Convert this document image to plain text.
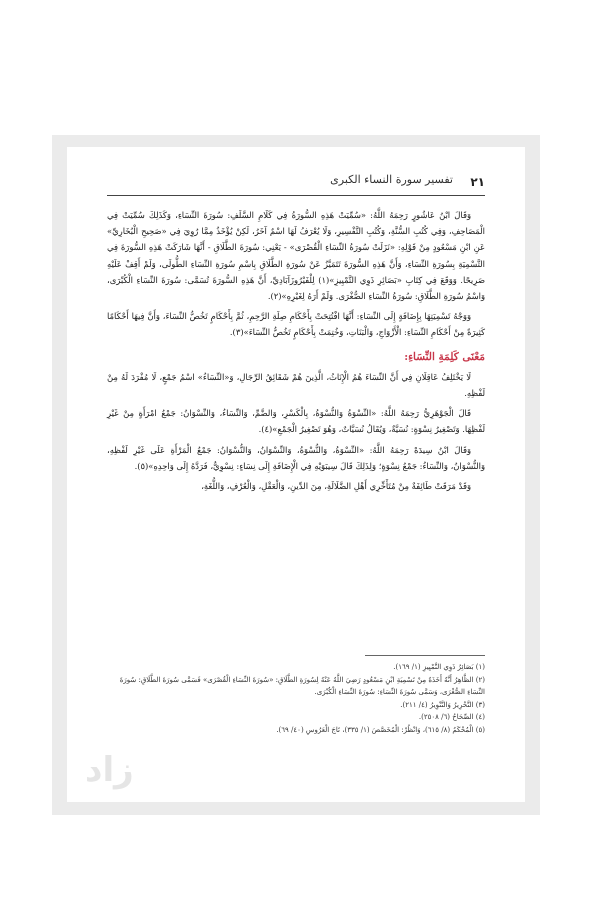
٢١
تفسير سورة النساء الكبرى

وَقَالَ ابْنُ عَاشُورٍ رَحِمَهُ اللَّهُ: «سُمِّيَتْ هَذِهِ السُّورَةُ فِي كَلَامِ السَّلَفِ: سُورَةَ النِّسَاءِ، وَكَذَلِكَ سُمِّيَتْ فِي الْمَصَاحِفِ، وَفِي كُتُبِ السُّنَّةِ، وَكُتُبِ التَّفْسِيرِ، وَلَا يُعْرَفُ لَهَا اسْمٌ آخَرُ، لَكِنْ يُؤْخَذُ مِمَّا رُوِيَ فِي «صَحِيحِ الْبُخَارِيِّ» عَنِ ابْنِ مَسْعُودٍ مِنْ قَوْلِهِ: «نَزَلَتْ سُورَةُ النِّسَاءِ الْقُصْرَى» - يَعْنِي: سُورَةَ الطَّلَاقِ - أَنَّهَا شَارَكَتْ هَذِهِ السُّورَةَ فِي التَّسْمِيَةِ بِسُورَةِ النِّسَاءِ، وَأَنَّ هَذِهِ السُّورَةَ تَتَمَيَّزُ عَنْ سُورَةِ الطَّلَاقِ بِاسْمِ سُورَةِ النِّسَاءِ الطُّولَى، وَلَمْ أَقِفْ عَلَيْهِ صَرِيحًا. وَوَقَعَ فِي كِتَابِ «بَصَائِرِ ذَوِي التَّمْيِيزِ»(١) لِلْفَيْرُوزَآبَادِيِّ، أَنَّ هَذِهِ السُّورَةَ تُسَمَّى: سُورَةَ النِّسَاءِ الْكُبْرَى، وَاسْمُ سُورَةِ الطَّلَاقِ: سُورَةُ النِّسَاءِ الصُّغْرَى. وَلَمْ أَرَهُ لِغَيْرِهِ»(٢).

وَوَجْهُ تَسْمِيَتِهَا بِإِضَافَةٍ إِلَى النِّسَاءِ: أَنَّهَا افْتُتِحَتْ بِأَحْكَامِ صِلَةِ الرَّحِمِ، ثُمَّ بِأَحْكَامٍ تَخُصُّ النِّسَاءَ، وَأَنَّ فِيهَا أَحْكَامًا كَثِيرَةً مِنْ أَحْكَامِ النِّسَاءِ: الْأَزْوَاجِ، وَالْبَنَاتِ، وَخُتِمَتْ بِأَحْكَامٍ تَخُصُّ النِّسَاءَ»(٣).

مَعْنَى كَلِمَةِ النِّسَاءِ:

لَا يَخْتَلِفُ عَاقِلَانِ فِي أَنَّ النِّسَاءَ هُمُ الْإِنَاثُ، الَّذِينَ هُمْ شَقَائِقُ الرِّجَالِ، وَ«النِّسَاءُ» اسْمُ جَمْعٍ، لَا مُفْرَدَ لَهُ مِنْ لَفْظِهِ.

قَالَ الْجَوْهَرِيُّ رَحِمَهُ اللَّهُ: «النِّسْوَةُ وَالنُّسْوَةُ، بِالْكَسْرِ، وَالضَّمِّ، وَالنِّسَاءُ، وَالنِّسْوَانُ: جَمْعُ امْرَأَةٍ مِنْ غَيْرِ لَفْظِهَا. وَتَصْغِيرُ نِسْوَةٍ: نُسَيَّةٌ، وَيُقَالُ نُسَيَّاتٌ، وَهُوَ تَصْغِيرُ الْجَمْعِ»(٤).

وَقَالَ ابْنُ سِيدَهْ رَحِمَهُ اللَّهُ: «النِّسْوَةُ، وَالنُّسْوَةُ، وَالنِّسْوَانُ، وَالنُّسْوَانُ: جَمْعُ الْمَرْأَةِ عَلَى غَيْرِ لَفْظِهِ، وَالنُّسْوَانُ، وَالنِّسَاءُ: جَمْعُ نِسْوَةٍ؛ وَلِذَلِكَ قَالَ سِيبَوَيْهِ فِي الْإِضَافَةِ إِلَى نِسَاءٍ: نِسْوِيٌّ، فَرَدَّهُ إِلَى وَاحِدِهِ»(٥).

وَقَدْ مَرَقَتْ طَائِفَةٌ مِنْ مُتَأَخِّرِي أَهْلِ الضَّلَالَةِ، مِنَ الدِّينِ، وَالْعَقْلِ، وَالْعُرْفِ، وَاللُّغَةِ،

(١) بَصَائِرُ ذَوِي التَّمْيِيزِ (١/ ١٦٩).

(٢) الظَّاهِرُ أَنَّهُ أَخَذَهُ مِنْ تَسْمِيَةِ ابْنِ مَسْعُودٍ رَضِيَ اللَّهُ عَنْهُ لِسُورَةِ الطَّلَاقِ: «سُورَةَ النِّسَاءِ الْقُصْرَى» فَسَمَّى سُورَةَ الطَّلَاقِ: سُورَةَ النِّسَاءِ الصُّغْرَى، وَسَمَّى سُورَةَ النِّسَاءِ: سُورَةَ النِّسَاءِ الْكُبْرَى.

(٣) التَّحْرِيرُ وَالتَّنْوِيرُ (٤/ ٢١١).

(٤) الصِّحَاحُ (٦/ ٢٥٠٨).

(٥) الْمُحْكَمُ (٨/ ٦١٥)، وَانْظُرْ: الْمُخَصَّصَ (١/ ٣٣٥)، تَاجَ الْعَرُوسِ (٤٠/ ٦٩).

زاد
